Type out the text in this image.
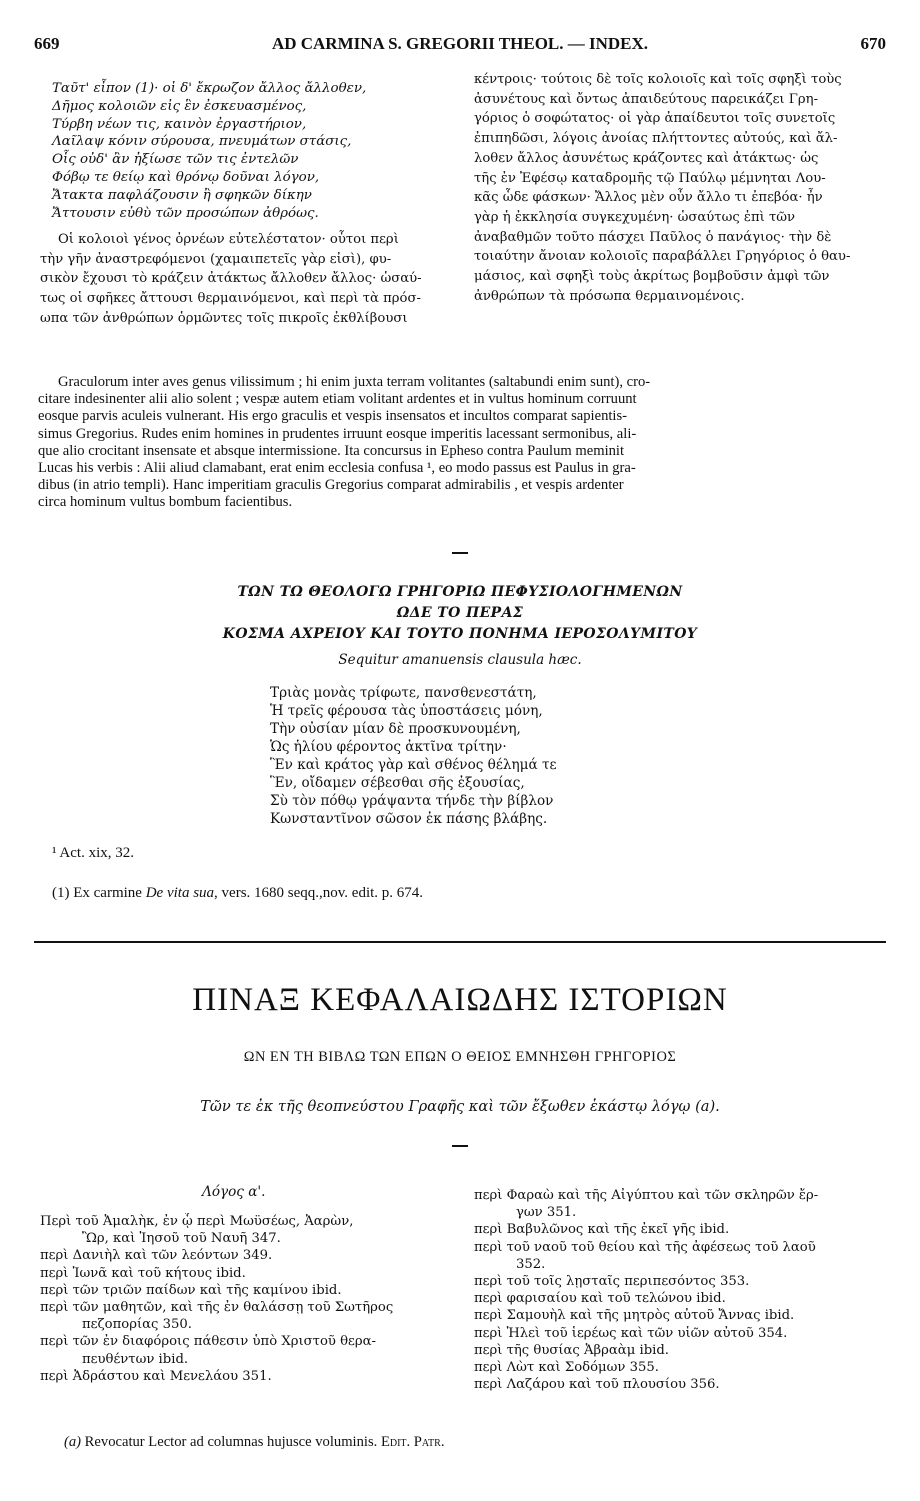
669	AD CARMINA S. GREGORII THEOL. — INDEX.	670
Ταῦτ' εἶπον (1)· οἱ δ' ἔκρωζον ἄλλος ἄλλοθεν,
Δῆμος κολοιῶν εἰς ἓν ἐσκευασμένος,
Τύρβη νέων τις, καινὸν ἐργαστήριον,
Λαῖλαψ κόνιν σύρουσα, πνευμάτων στάσις,
Οἷς οὐδ' ἂν ἠξίωσε τῶν τις ἐντελῶν
Φόβῳ τε θείῳ καὶ θρόνῳ δοῦναι λόγον,
Ἄτακτα παφλάζουσιν ἢ σφηκῶν δίκην
Ἄττουσιν εὐθὺ τῶν προσώπων ἀθρόως.
Οἱ κολοιοὶ γένος ὀρνέων εὐτελέστατον· οὗτοι περὶ
τὴν γῆν ἀναστρεφόμενοι (χαμαιπετεῖς γὰρ εἰσὶ), φυ-
σικὸν ἔχουσι τὸ κράζειν ἀτάκτως ἄλλοθεν ἄλλος· ὡσαύ-
τως οἱ σφῆκες ἄττουσι θερμαινόμενοι, καὶ περὶ τὰ πρόσ-
ωπα τῶν ἀνθρώπων ὁρμῶντες τοῖς πικροῖς ἐκθλίβουσι
κέντροις· τούτοις δὲ τοῖς κολοιοῖς καὶ τοῖς σφηξὶ τοὺς
ἀσυνέτους καὶ ὄντως ἀπαιδεύτους παρεικάζει Γρη-
γόριος ὁ σοφώτατος· οἱ γὰρ ἀπαίδευτοι τοῖς συνετοῖς
ἐπιπηδῶσι, λόγοις ἀνοίας πλήττοντες αὐτούς, καὶ ἄλ-
λοθεν ἄλλος ἀσυνέτως κράζοντες καὶ ἀτάκτως· ὡς
τῆς ἐν Ἐφέσῳ καταδρομῆς τῷ Παύλῳ μέμνηται Λου-
κᾶς ὧδε φάσκων· Ἄλλος μὲν οὖν ἄλλο τι ἐπεβόα· ἦν
γὰρ ἡ ἐκκλησία συγκεχυμένη· ὡσαύτως ἐπὶ τῶν
ἀναβαθμῶν τοῦτο πάσχει Παῦλος ὁ πανάγιος· τὴν δὲ
τοιαύτην ἄνοιαν κολοιοῖς παραβάλλει Γρηγόριος ὁ θαυ-
μάσιος, καὶ σφηξὶ τοὺς ἀκρίτως βομβοῦσιν ἀμφὶ τῶν
ἀνθρώπων τὰ πρόσωπα θερμαινομένοις.
Graculorum inter aves genus vilissimum ; hi enim juxta terram volitantes (saltabundi enim sunt), cro-
citare indesinenter alii alio solent ; vespæ autem etiam volitant ardentes et in vultus hominum corruunt
eosque parvis aculeis vulnerant. His ergo graculis et vespis insensatos et incultos comparat sapientis-
simus Gregorius. Rudes enim homines in prudentes irruunt eosque imperitis lacessant sermonibus, ali-
que alio crocitant insensate et absque intermissione. Ita concursus in Epheso contra Paulum meminit
Lucas his verbis : Alii aliud clamabant, erat enim ecclesia confusa ¹, eo modo passus est Paulus in gra-
dibus (in atrio templi). Hanc imperitiam graculis Gregorius comparat admirabilis , et vespis ardenter
circa hominum vultus bombum facientibus.
ΤΩΝ ΤΩ ΘΕΟΛΟΓΩ ΓΡΗΓΟΡΙΩ ΠΕΦΥΣΙΟΛΟΓΗΜΕΝΩΝ
ΩΔΕ ΤΟ ΠΕΡΑΣ
ΚΟΣΜΑ ΑΧΡΕΙΟΥ ΚΑΙ ΤΟΥΤΟ ΠΟΝΗΜΑ ΙΕΡΟΣΟΛΥΜΙΤΟΥ
Sequitur amanuensis clausula hæc.
Τριὰς μονὰς τρίφωτε, πανσθενεστάτη,
Ἡ τρεῖς φέρουσα τὰς ὑποστάσεις μόνη,
Τὴν οὐσίαν μίαν δὲ προσκυνουμένη,
Ὡς ἡλίου φέροντος ἀκτῖνα τρίτην·
Ἓν καὶ κράτος γὰρ καὶ σθένος θέλημά τε
Ἓν, οἴδαμεν σέβεσθαι σῆς ἐξουσίας,
Σὺ τὸν πόθῳ γράψαντα τήνδε τὴν βίβλον
Κωνσταντῖνον σῶσον ἐκ πάσης βλάβης.
¹ Act. xix, 32.
(1) Ex carmine De vita sua, vers. 1680 seqq.,nov. edit. p. 674.
ΠΙΝΑΞ ΚΕΦΑΛΑΙΩΔΗΣ ΙΣΤΟΡΙΩΝ
ΩΝ ΕΝ ΤΗ ΒΙΒΛΩ ΤΩΝ ΕΠΩΝ Ο ΘΕΙΟΣ ΕΜΝΗΣΘΗ ΓΡΗΓΟΡΙΟΣ
Τῶν τε ἐκ τῆς θεοπνεύστου Γραφῆς καὶ τῶν ἔξωθεν ἑκάστῳ λόγῳ (a).
Λόγος α'.
Περὶ τοῦ Ἀμαλὴκ, ἐν ᾧ περὶ Μωϋσέως, Ἀαρὼν,
Ὢρ, καὶ Ἰησοῦ τοῦ Ναυῆ 347.
περὶ Δανιὴλ καὶ τῶν λεόντων 349.
περὶ Ἰωνᾶ καὶ τοῦ κήτους ibid.
περὶ τῶν τριῶν παίδων καὶ τῆς καμίνου ibid.
περὶ τῶν μαθητῶν, καὶ τῆς ἐν θαλάσσῃ τοῦ Σωτῆρος
πεζοπορίας 350.
περὶ τῶν ἐν διαφόροις πάθεσιν ὑπὸ Χριστοῦ θερα-
πευθέντων ibid.
περὶ Ἀδράστου καὶ Μενελάου 351.
περὶ Φαραὼ καὶ τῆς Αἰγύπτου καὶ τῶν σκληρῶν ἔρ-
γων 351.
περὶ Βαβυλῶνος καὶ τῆς ἐκεῖ γῆς ibid.
περὶ τοῦ ναοῦ τοῦ θείου καὶ τῆς ἀφέσεως τοῦ λαοῦ
352.
περὶ τοῦ τοῖς λῃσταῖς περιπεσόντος 353.
περὶ φαρισαίου καὶ τοῦ τελώνου ibid.
περὶ Σαμουὴλ καὶ τῆς μητρὸς αὐτοῦ Ἄννας ibid.
περὶ Ἠλεὶ τοῦ ἱερέως καὶ τῶν υἱῶν αὐτοῦ 354.
περὶ τῆς θυσίας Ἀβραὰμ ibid.
περὶ Λὼτ καὶ Σοδόμων 355.
περὶ Λαζάρου καὶ τοῦ πλουσίου 356.
(a) Revocatur Lector ad columnas hujusce voluminis. Edit. Patr.
